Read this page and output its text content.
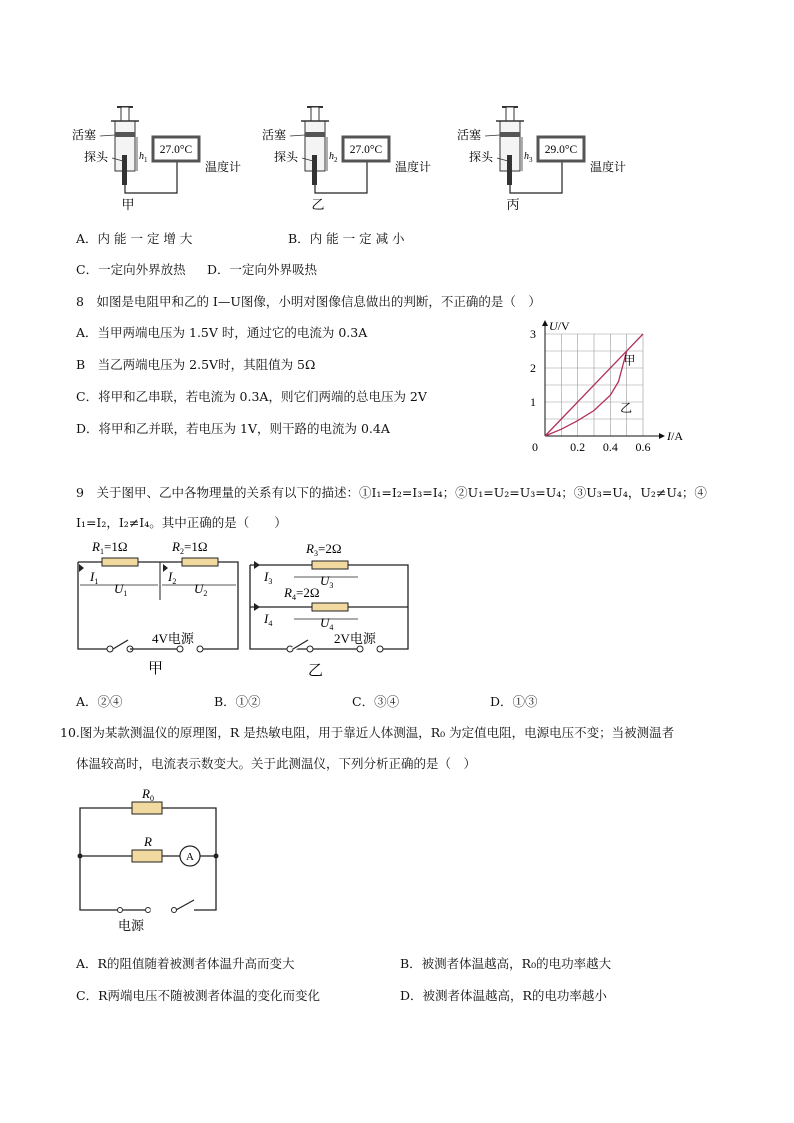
$h_1$
活塞
探头	27.0°C
温度计
甲
$h_2$
活塞
探头	27.0°C
温度计
乙
$h_3$
活塞
探头	29.0°C
温度计
丙
A．内 能 一 定 增 大	B．内 能 一 定 减 小
C．一定向外界放热 D．一定向外界吸热
8　如图是电阻甲和乙的 I—U图像，小明对图像信息做出的判断，不正确的是（　）
A．当甲两端电压为 1.5V 时，通过它的电流为 0.3A
B　当乙两端电压为 2.5V时，其阻值为 5Ω
C．将甲和乙串联，若电流为 0.3A，则它们两端的总电压为 2V
D．将甲和乙并联，若电压为 1V，则干路的电流为 0.4A
0	0.2 0.4 0.6
1
2
3
U/V
I/A
甲
乙
9　关于图甲、乙中各物理量的关系有以下的描述：①I₁=I₂=I₃=I₄；②U₁=U₂=U₃=U₄；③U₃=U₄，U₂≠U₄；④
I₁=I₂，I₂≠I₄。其中正确的是（　　）
$R_1 =1\Omega$	$R_2 =1\Omega$
$I_1$	$I_2$
$U_1$	$U_2$
4V电源
甲
$R_3 =2\Omega$
$R_4 =2\Omega$
$I_3$
$I_4$
$U_3$
$U_4$
2V电源
乙
A．②④	B．①②	C．③④	D．①③
10.图为某款测温仪的原理图，R 是热敏电阻，用于靠近人体测温，R₀ 为定值电阻，电源电压不变；当被测温者
体温较高时，电流表示数变大。关于此测温仪，下列分析正确的是（　）
A
$R_0$
R
电源
A．R的阻值随着被测者体温升高而变大	B．被测者体温越高，R₀的电功率越大
C．R两端电压不随被测者体温的变化而变化	D．被测者体温越高，R的电功率越小
